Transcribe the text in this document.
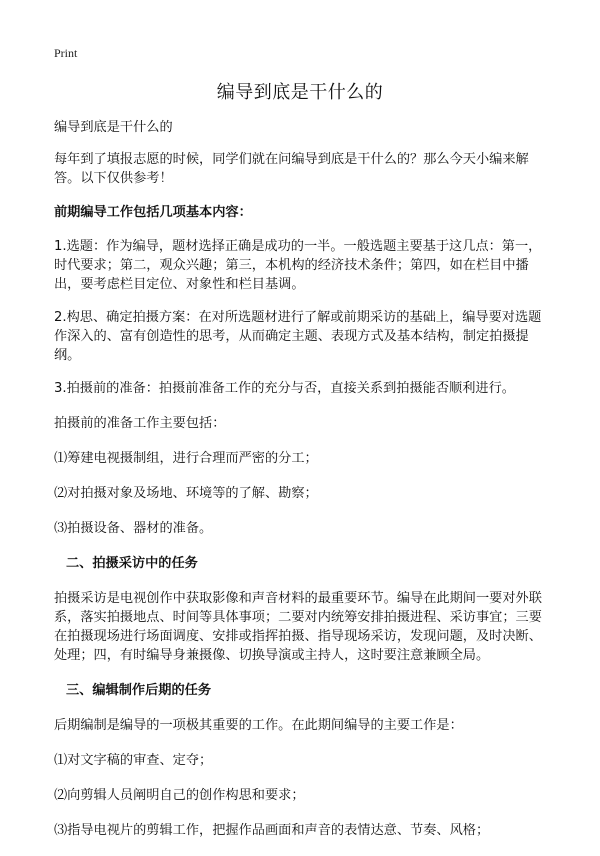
Print
编导到底是干什么的

编导到底是干什么的

每年到了填报志愿的时候，同学们就在问编导到底是干什么的？那么今天小编来解答。以下仅供参考！

前期编导工作包括几项基本内容：

1.选题：作为编导，题材选择正确是成功的一半。一般选题主要基于这几点：第一，时代要求；第二，观众兴趣；第三，本机构的经济技术条件；第四，如在栏目中播出，要考虑栏目定位、对象性和栏目基调。

2.构思、确定拍摄方案：在对所选题材进行了解或前期采访的基础上，编导要对选题作深入的、富有创造性的思考，从而确定主题、表现方式及基本结构，制定拍摄提纲。

3.拍摄前的准备：拍摄前准备工作的充分与否，直接关系到拍摄能否顺利进行。

拍摄前的准备工作主要包括：

⑴筹建电视摄制组，进行合理而严密的分工；

⑵对拍摄对象及场地、环境等的了解、勘察；

⑶拍摄设备、器材的准备。

二、拍摄采访中的任务

拍摄采访是电视创作中获取影像和声音材料的最重要环节。编导在此期间一要对外联系，落实拍摄地点、时间等具体事项；二要对内统筹安排拍摄进程、采访事宜；三要在拍摄现场进行场面调度、安排或指挥拍摄、指导现场采访，发现问题，及时决断、处理；四，有时编导身兼摄像、切换导演或主持人，这时要注意兼顾全局。

三、编辑制作后期的任务

后期编制是编导的一项极其重要的工作。在此期间编导的主要工作是：

⑴对文字稿的审查、定夺；

⑵向剪辑人员阐明自己的创作构思和要求；

⑶指导电视片的剪辑工作，把握作品画面和声音的表情达意、节奏、风格；
